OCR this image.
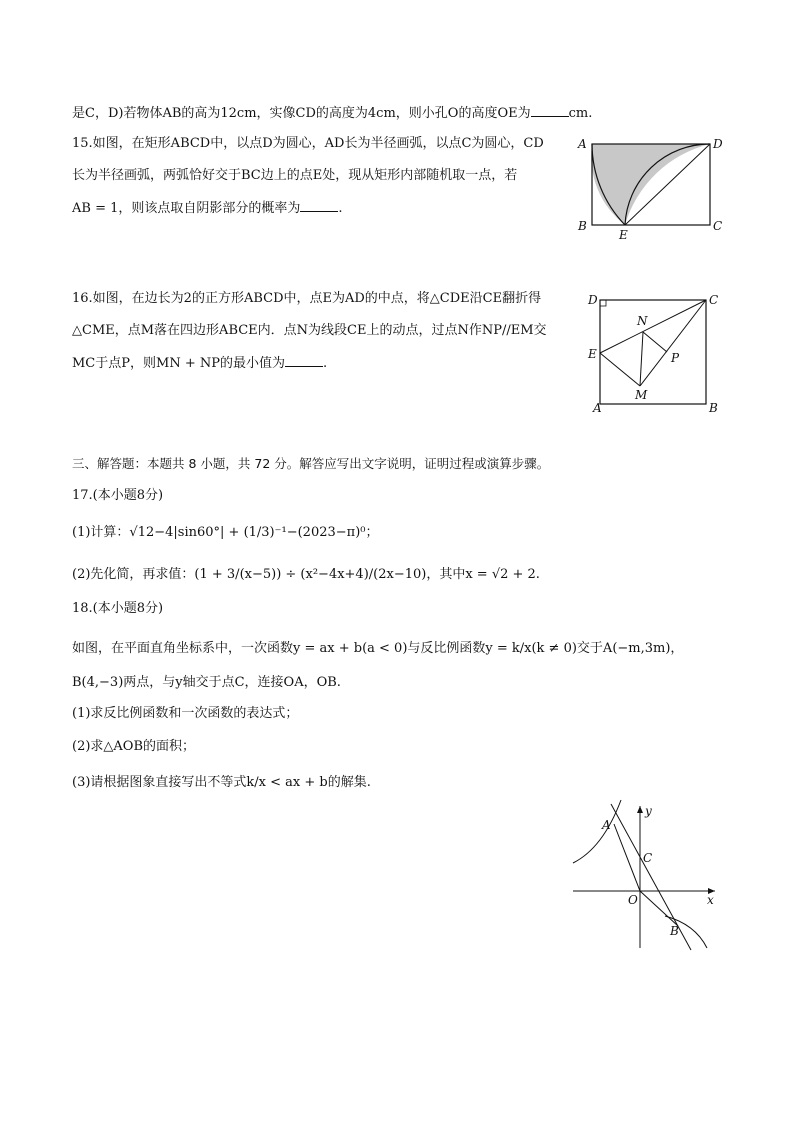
是C，D)若物体AB的高为12cm，实像CD的高度为4cm，则小孔O的高度OE为	cm.
15.如图，在矩形ABCD中，以点D为圆心，AD长为半径画弧，以点C为圆心，CD
长为半径画弧，两弧恰好交于BC边上的点E处，现从矩形内部随机取一点，若
AB = 1，则该点取自阴影部分的概率为	.
A	D
B
E
C
16.如图，在边长为2的正方形ABCD中，点E为AD的中点，将△CDE沿CE翻折得
△CME，点M落在四边形ABCE内．点N为线段CE上的动点，过点N作NP//EM交
MC于点P，则MN + NP的最小值为	.
D	C
N
E	P
M
A	B
三、解答题：本题共 8 小题，共 72 分。解答应写出文字说明，证明过程或演算步骤。
17.(本小题8分)
(1)计算：√12−4|sin60°| + (1/3)⁻¹−(2023−π)⁰；
(2)先化简，再求值：(1 + 3/(x−5)) ÷ (x²−4x+4)/(2x−10)，其中x = √2 + 2.
18.(本小题8分)
如图，在平面直角坐标系中，一次函数y = ax + b(a < 0)与反比例函数y = k/x(k ≠ 0)交于A(−m,3m)，
B(4,−3)两点，与y轴交于点C，连接OA，OB.
(1)求反比例函数和一次函数的表达式；
(2)求△AOB的面积；
(3)请根据图象直接写出不等式k/x < ax + b的解集.
y
A
C
O	x
B
